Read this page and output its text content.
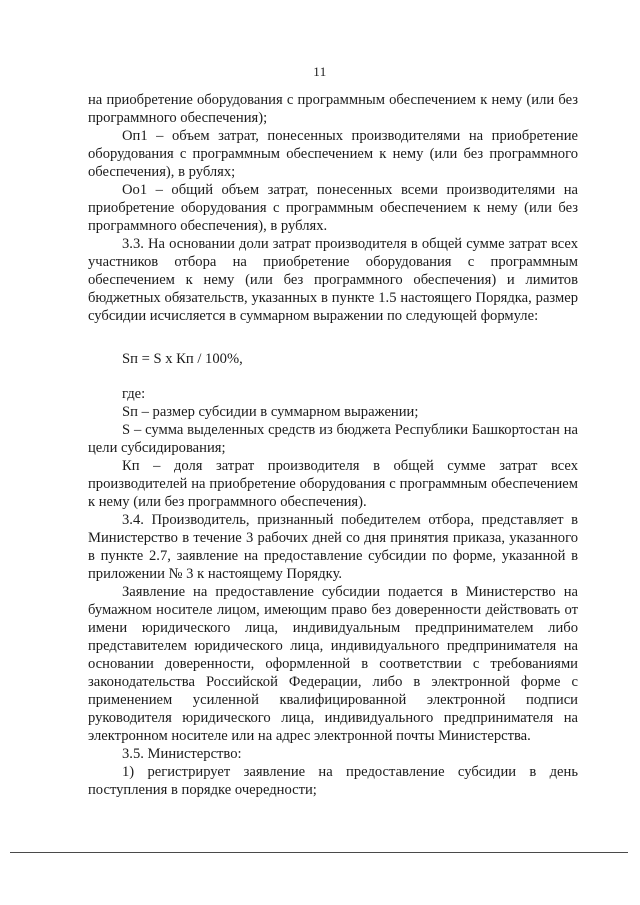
11

на приобретение оборудования с программным обеспечением к нему (или без программного обеспечения);

Оп1 – объем затрат, понесенных производителями на приобретение оборудования с программным обеспечением к нему (или без программного обеспечения), в рублях;

Оо1 – общий объем затрат, понесенных всеми производителями на приобретение оборудования с программным обеспечением к нему (или без программного обеспечения), в рублях.

3.3. На основании доли затрат производителя в общей сумме затрат всех участников отбора на приобретение оборудования с программным обеспечением к нему (или без программного обеспечения) и лимитов бюджетных обязательств, указанных в пункте 1.5 настоящего Порядка, размер субсидии исчисляется в суммарном выражении по следующей формуле:

Sп = S х Кп / 100%,

где:

Sп – размер субсидии в суммарном выражении;

S – сумма выделенных средств из бюджета Республики Башкортостан на цели субсидирования;

Кп – доля затрат производителя в общей сумме затрат всех производителей на приобретение оборудования с программным обеспечением к нему (или без программного обеспечения).

3.4. Производитель, признанный победителем отбора, представляет в Министерство в течение 3 рабочих дней со дня принятия приказа, указанного в пункте 2.7, заявление на предоставление субсидии по форме, указанной в приложении № 3 к настоящему Порядку.

Заявление на предоставление субсидии подается в Министерство на бумажном носителе лицом, имеющим право без доверенности действовать от имени юридического лица, индивидуальным предпринимателем либо представителем юридического лица, индивидуального предпринимателя на основании доверенности, оформленной в соответствии с требованиями законодательства Российской Федерации, либо в электронной форме с применением усиленной квалифицированной электронной подписи руководителя юридического лица, индивидуального предпринимателя на электронном носителе или на адрес электронной почты Министерства.

3.5. Министерство:

1) регистрирует заявление на предоставление субсидии в день поступления в порядке очередности;
